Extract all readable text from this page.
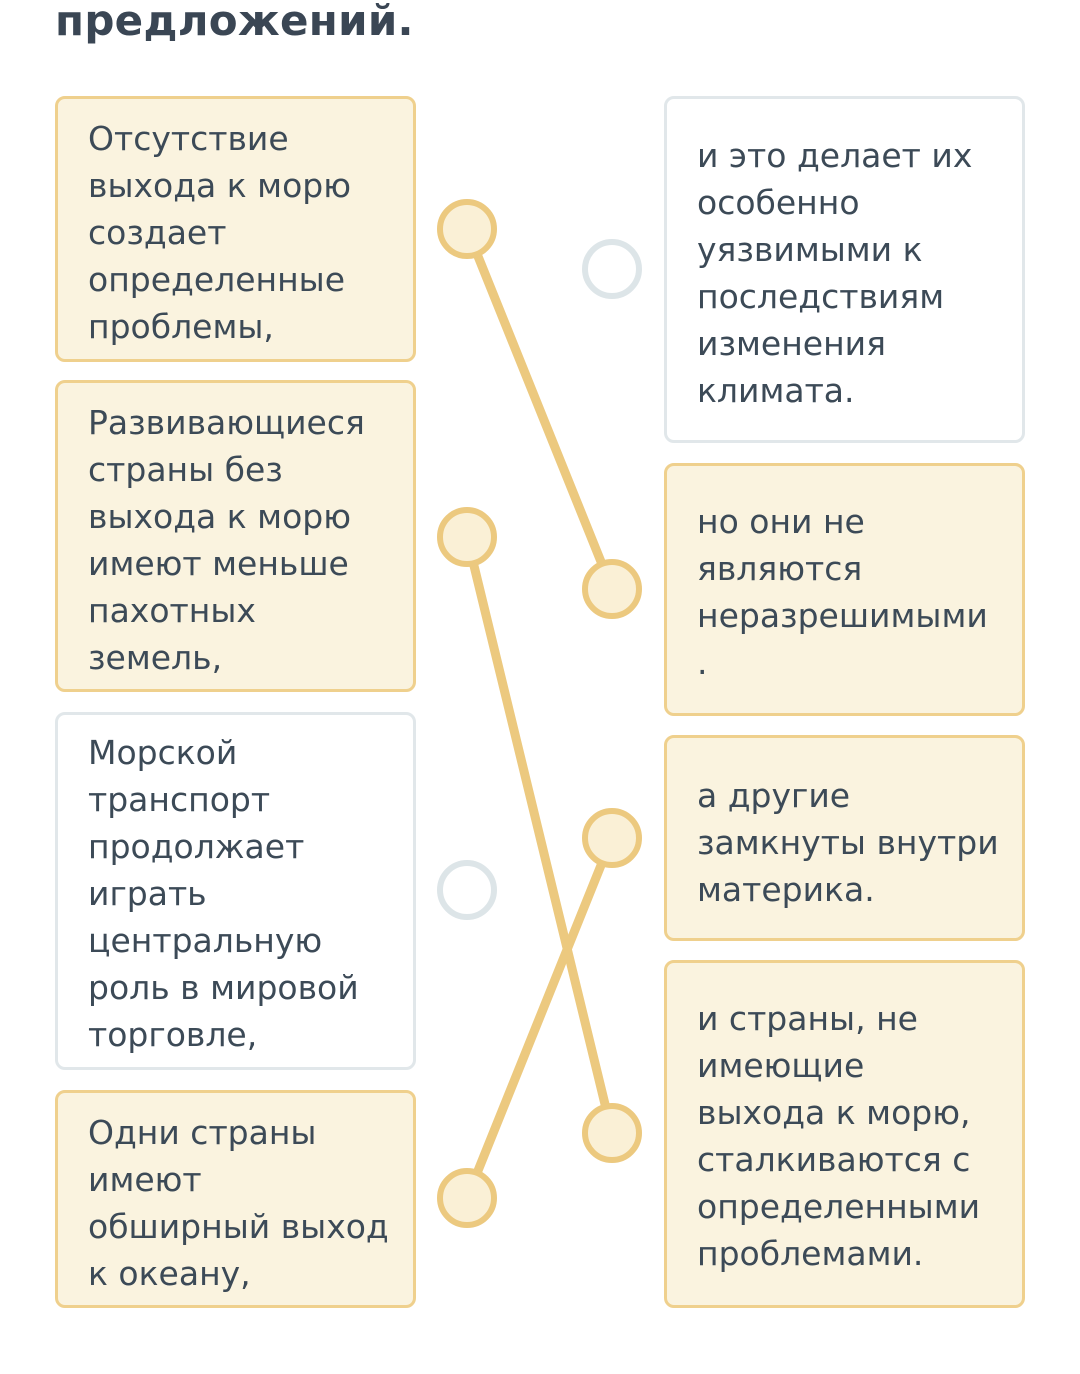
предложений.
Отсутствие выхода к морю создает определенные проблемы,
Развивающиеся страны без выхода к морю имеют меньше пахотных земель,
Морской транспорт продолжает играть центральную роль в мировой торговле,
Одни страны имеют обширный выход к океану,
и это делает их особенно уязвимыми к последствиям изменения климата.
но они не являются неразрешимыми .
а другие замкнуты внутри материка.
и страны, не имеющие выхода к морю, сталкиваются с определенными проблемами.
